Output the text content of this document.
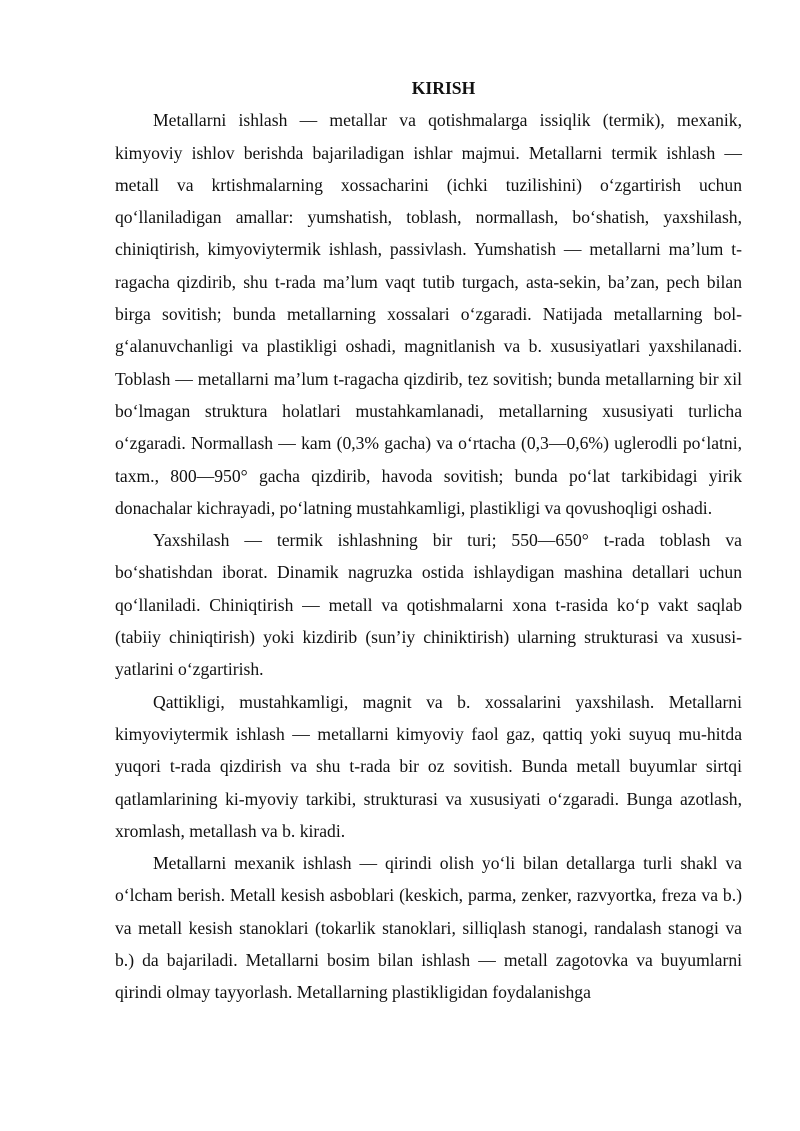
KIRISH

Metallarni ishlash — metallar va qotishmalarga issiqlik (termik), mexanik, kimyoviy ishlov berishda bajariladigan ishlar majmui. Metallarni termik ishlash — metall va krtishmalarning xossacharini (ichki tuzilishini) oʻzgartirish uchun qoʻllaniladigan amallar: yumshatish, toblash, normallash, boʻshatish, yaxshilash, chiniqtirish, kimyoviytermik ishlash, passivlash. Yumshatish — metallarni maʼlum t-ragacha qizdirib, shu t-rada maʼlum vaqt tutib turgach, asta-sekin, baʼzan, pech bilan birga sovitish; bunda metallarning xossalari oʻzgaradi. Natijada metallarning bol-gʻalanuvchanligi va plastikligi oshadi, magnitlanish va b. xususiyatlari yaxshilanadi. Toblash — metallarni maʼlum t-ragacha qizdirib, tez sovitish; bunda metallarning bir xil boʻlmagan struktura holatlari mustahkamlanadi, metallarning xususiyati turlicha oʻzgaradi. Normallash — kam (0,3% gacha) va oʻrtacha (0,3—0,6%) uglerodli poʻlatni, taxm., 800—950° gacha qizdirib, havoda sovitish; bunda poʻlat tarkibidagi yirik donachalar kichrayadi, poʻlatning mustahkamligi, plastikligi va qovushoqligi oshadi.

Yaxshilash — termik ishlashning bir turi; 550—650° t-rada toblash va boʻshatishdan iborat. Dinamik nagruzka ostida ishlaydigan mashina detallari uchun qoʻllaniladi. Chiniqtirish — metall va qotishmalarni xona t-rasida koʻp vakt saqlab (tabiiy chiniqtirish) yoki kizdirib (sunʼiy chiniktirish) ularning strukturasi va xususi-yatlarini oʻzgartirish.

Qattikligi, mustahkamligi, magnit va b. xossalarini yaxshilash. Metallarni kimyoviytermik ishlash — metallarni kimyoviy faol gaz, qattiq yoki suyuq mu-hitda yuqori t-rada qizdirish va shu t-rada bir oz sovitish. Bunda metall buyumlar sirtqi qatlamlarining ki-myoviy tarkibi, strukturasi va xususiyati oʻzgaradi. Bunga azotlash, xromlash, metallash va b. kiradi.

Metallarni mexanik ishlash — qirindi olish yoʻli bilan detallarga turli shakl va oʻlcham berish. Metall kesish asboblari (keskich, parma, zenker, razvyortka, freza va b.) va metall kesish stanoklari (tokarlik stanoklari, silliqlash stanogi, randalash stanogi va b.) da bajariladi. Metallarni bosim bilan ishlash — metall zagotovka va buyumlarni qirindi olmay tayyorlash. Metallarning plastikligidan foydalanishga
